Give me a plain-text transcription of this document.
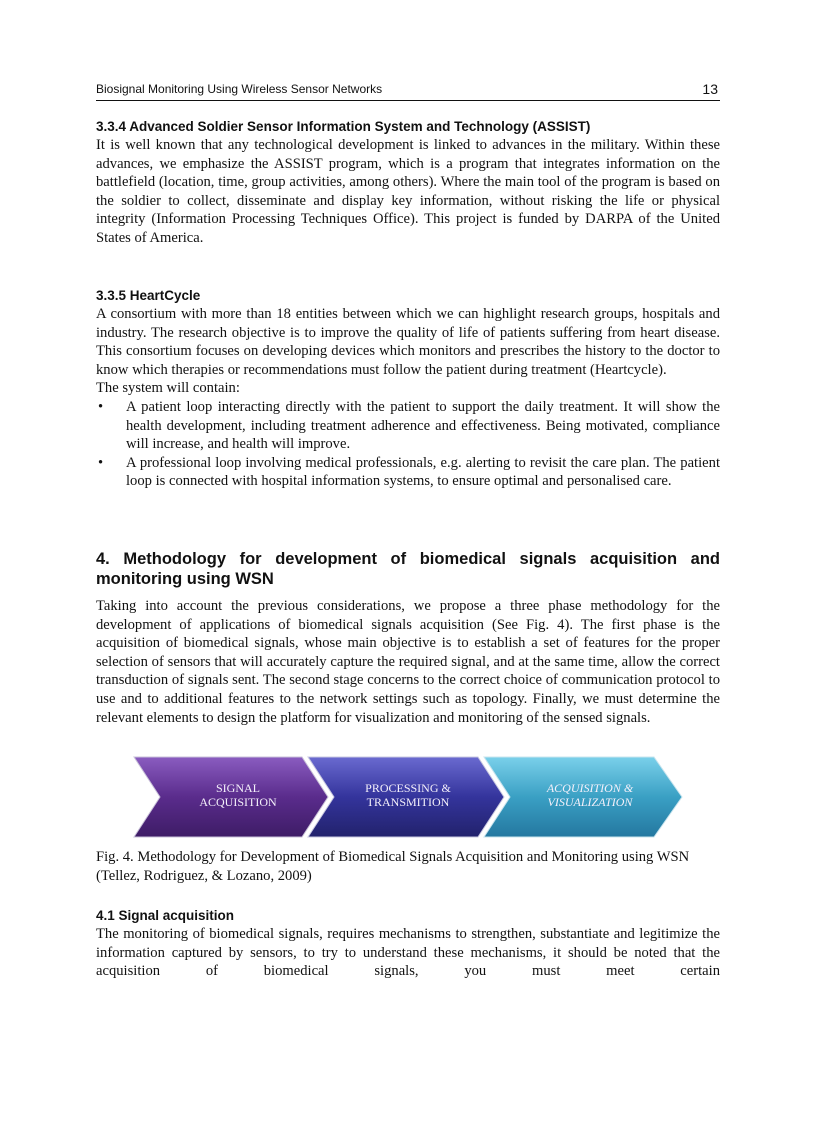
Biosignal Monitoring Using Wireless Sensor Networks	13

3.3.4 Advanced Soldier Sensor Information System and Technology (ASSIST)

It is well known that any technological development is linked to advances in the military. Within these advances, we emphasize the ASSIST program, which is a program that integrates information on the battlefield (location, time, group activities, among others). Where the main tool of the program is based on the soldier to collect, disseminate and display key information, without risking the life or physical integrity (Information Processing Techniques Office). This project is funded by DARPA of the United States of America.

3.3.5 HeartCycle

A consortium with more than 18 entities between which we can highlight research groups, hospitals and industry. The research objective is to improve the quality of life of patients suffering from heart disease. This consortium focuses on developing devices which monitors and prescribes the history to the doctor to know which therapies or recommendations must follow the patient during treatment (Heartcycle).

The system will contain:

• A patient loop interacting directly with the patient to support the daily treatment. It will show the health development, including treatment adherence and effectiveness. Being motivated, compliance will increase, and health will improve.

• A professional loop involving medical professionals, e.g. alerting to revisit the care plan. The patient loop is connected with hospital information systems, to ensure optimal and personalised care.

4. Methodology for development of biomedical signals acquisition and monitoring using WSN

Taking into account the previous considerations, we propose a three phase methodology for the development of applications of biomedical signals acquisition (See Fig. 4). The first phase is the acquisition of biomedical signals, whose main objective is to establish a set of features for the proper selection of sensors that will accurately capture the required signal, and at the same time, allow the correct transduction of signals sent. The second stage concerns to the correct choice of communication protocol to use and to additional features to the network settings such as topology. Finally, we must determine the relevant elements to design the platform for visualization and monitoring of the sensed signals.

SIGNAL
ACQUISITION
PROCESSING &
TRANSMITION
ACQUISITION &
VISUALIZATION

Fig. 4. Methodology for Development of Biomedical Signals Acquisition and Monitoring using WSN (Tellez, Rodriguez, & Lozano, 2009)

4.1 Signal acquisition

The monitoring of biomedical signals, requires mechanisms to strengthen, substantiate and legitimize the information captured by sensors, to try to understand these mechanisms, it should be noted that the acquisition of biomedical signals, you must meet certain
